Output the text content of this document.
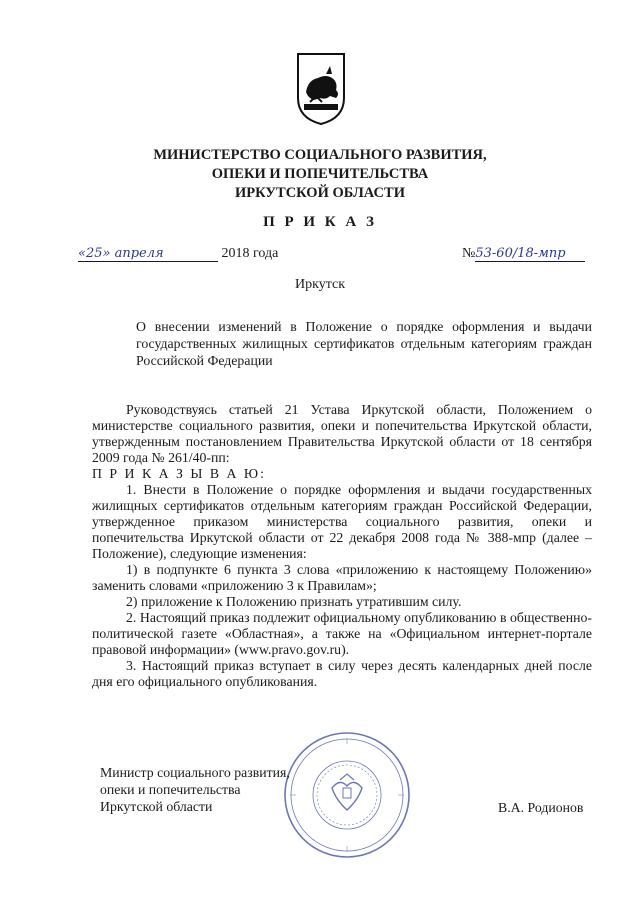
МИНИСТЕРСТВО СОЦИАЛЬНОГО РАЗВИТИЯ,
ОПЕКИ И ПОПЕЧИТЕЛЬСТВА
ИРКУТСКОЙ ОБЛАСТИ
П Р И К А З
«25» апреля	2018 года	№53-60/18-мпр
Иркутск
О внесении изменений в Положение о порядке оформления и выдачи государственных жилищных сертификатов отдельным категориям граждан Российской Федерации

Руководствуясь статьей 21 Устава Иркутской области, Положением о министерстве социального развития, опеки и попечительства Иркутской области, утвержденным постановлением Правительства Иркутской области от 18 сентября 2009 года № 261/40-пп:

П Р И К А З Ы В А Ю:

1. Внести в Положение о порядке оформления и выдачи государственных жилищных сертификатов отдельным категориям граждан Российской Федерации, утвержденное приказом министерства социального развития, опеки и попечительства Иркутской области от 22 декабря 2008 года № 388-мпр (далее – Положение), следующие изменения:

1) в подпункте 6 пункта 3 слова «приложению к настоящему Положению» заменить словами «приложению 3 к Правилам»;

2) приложение к Положению признать утратившим силу.

2. Настоящий приказ подлежит официальному опубликованию в общественно-политической газете «Областная», а также на «Официальном интернет-портале правовой информации» (www.pravo.gov.ru).

3. Настоящий приказ вступает в силу через десять календарных дней после дня его официального опубликования.

Министр социального развития,
опеки и попечительства
Иркутской области	В.А. Родионов
